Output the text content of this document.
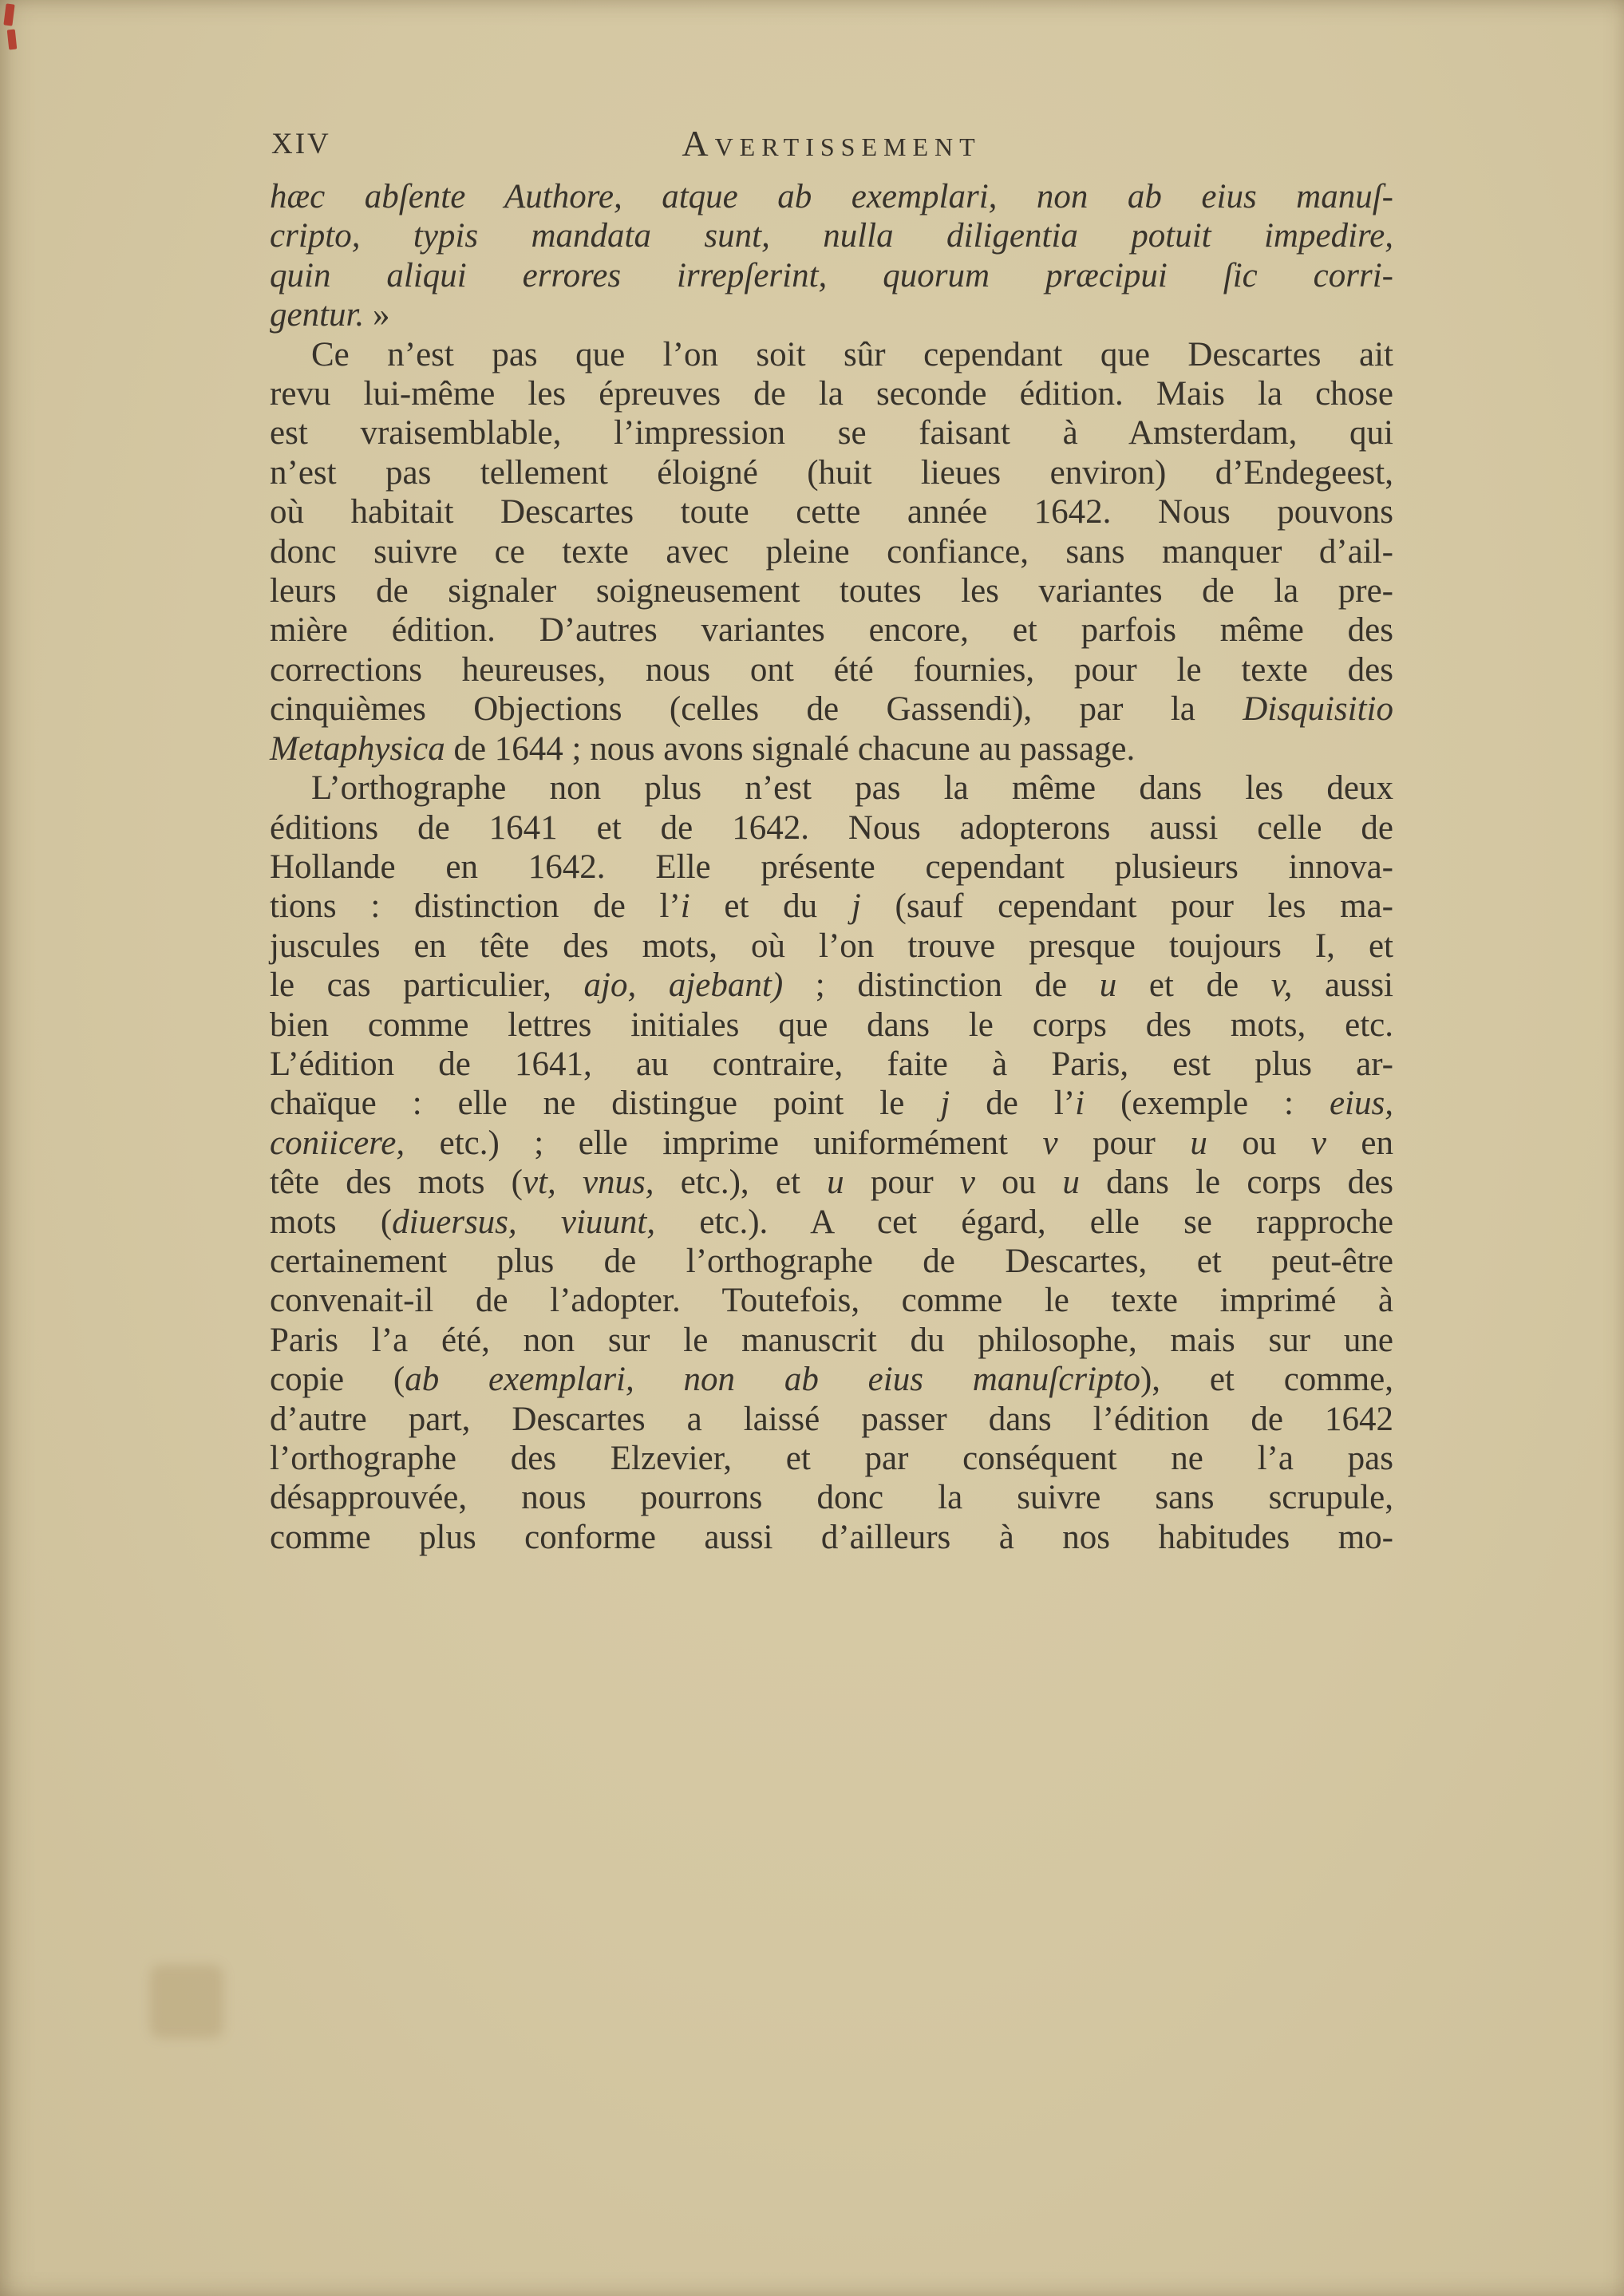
XIV	Avertissement
hæc abſente Authore, atque ab exemplari, non ab eius manuſ-
cripto, typis mandata sunt, nulla diligentia potuit impedire,
quin aliqui errores irrepſerint, quorum præcipui ſic corri-
gentur. »
Ce n’est pas que l’on soit sûr cependant que Descartes ait
revu lui-même les épreuves de la seconde édition. Mais la chose
est vraisemblable, l’impression se faisant à Amsterdam, qui
n’est pas tellement éloigné (huit lieues environ) d’Endegeest,
où habitait Descartes toute cette année 1642. Nous pouvons
donc suivre ce texte avec pleine confiance, sans manquer d’ail-
leurs de signaler soigneusement toutes les variantes de la pre-
mière édition. D’autres variantes encore, et parfois même des
corrections heureuses, nous ont été fournies, pour le texte des
cinquièmes Objections (celles de Gassendi), par la Disquisitio
Metaphysica de 1644 ; nous avons signalé chacune au passage.
L’orthographe non plus n’est pas la même dans les deux
éditions de 1641 et de 1642. Nous adopterons aussi celle de
Hollande en 1642. Elle présente cependant plusieurs innova-
tions : distinction de l’i et du j (sauf cependant pour les ma-
juscules en tête des mots, où l’on trouve presque toujours I, et
le cas particulier, ajo, ajebant) ; distinction de u et de v, aussi
bien comme lettres initiales que dans le corps des mots, etc.
L’édition de 1641, au contraire, faite à Paris, est plus ar-
chaïque : elle ne distingue point le j de l’i (exemple : eius,
coniicere, etc.) ; elle imprime uniformément v pour u ou v en
tête des mots (vt, vnus, etc.), et u pour v ou u dans le corps des
mots (diuersus, viuunt, etc.). A cet égard, elle se rapproche
certainement plus de l’orthographe de Descartes, et peut-être
convenait-il de l’adopter. Toutefois, comme le texte imprimé à
Paris l’a été, non sur le manuscrit du philosophe, mais sur une
copie (ab exemplari, non ab eius manuſcripto), et comme,
d’autre part, Descartes a laissé passer dans l’édition de 1642
l’orthographe des Elzevier, et par conséquent ne l’a pas
désapprouvée, nous pourrons donc la suivre sans scrupule,
comme plus conforme aussi d’ailleurs à nos habitudes mo-
